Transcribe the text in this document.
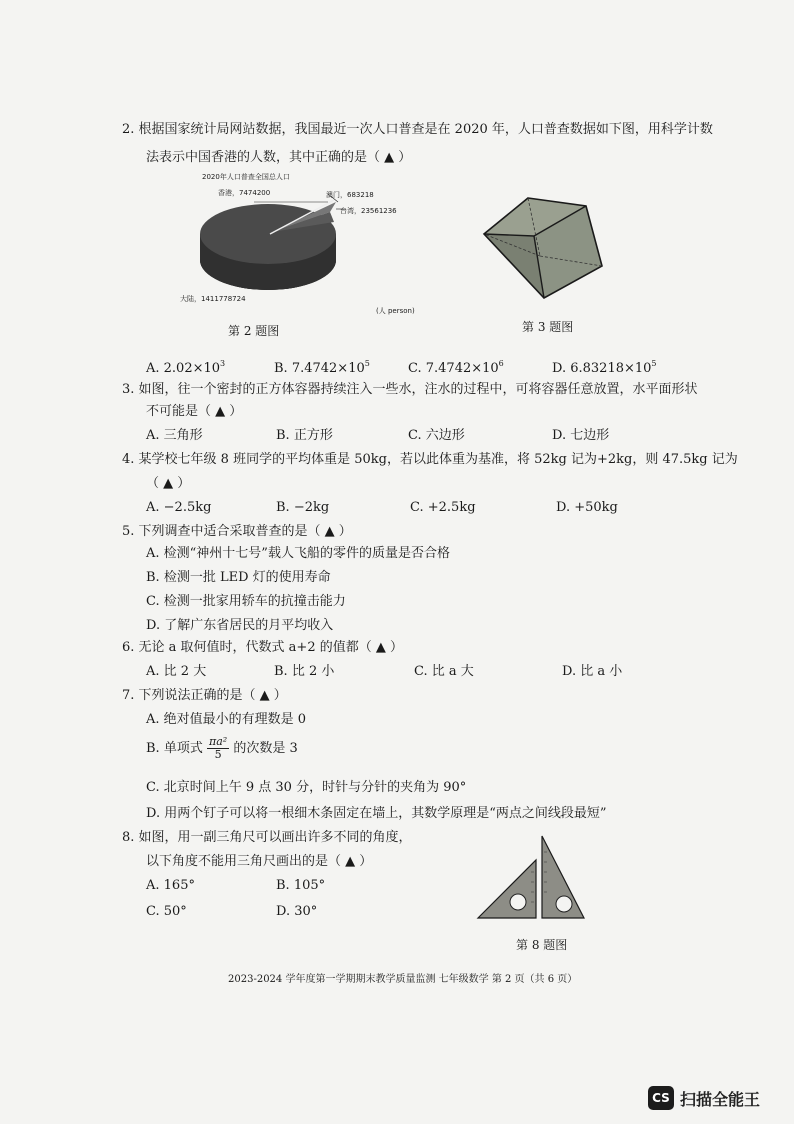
2. 根据国家统计局网站数据，我国最近一次人口普查是在 2020 年，人口普查数据如下图，用科学计数
法表示中国香港的人数，其中正确的是（ ▲ ）
2020年人口普查全国总人口
香港，7474200	澳门，683218
台湾，23561236
大陆，1411778724
(人 person)
第 2 题图	第 3 题图
A. $2.02\times 10^3$	B. $7.4742\times 10^5$	C. $7.4742\times 10^6$	D. $6.83218\times 10^5$
3. 如图，往一个密封的正方体容器持续注入一些水，注水的过程中，可将容器任意放置，水平面形状
不可能是（ ▲ ）
A. 三角形	B. 正方形	C. 六边形	D. 七边形
4. 某学校七年级 8 班同学的平均体重是 50kg，若以此体重为基准，将 52kg 记为+2kg，则 47.5kg 记为
（ ▲ ）
A. −2.5kg	B. −2kg	C. +2.5kg	D. +50kg
5. 下列调查中适合采取普查的是（ ▲ ）
A. 检测“神州十七号”载人飞船的零件的质量是否合格
B. 检测一批 LED 灯的使用寿命
C. 检测一批家用轿车的抗撞击能力
D. 了解广东省居民的月平均收入
6. 无论 a 取何值时，代数式 a+2 的值都（ ▲ ）
A. 比 2 大	B. 比 2 小	C. 比 a 大	D. 比 a 小
7. 下列说法正确的是（ ▲ ）
A. 绝对值最小的有理数是 0
B. 单项式 $\frac{\text{πa²}}{5}$ 的次数是 3
C. 北京时间上午 9 点 30 分，时针与分针的夹角为 90°
D. 用两个钉子可以将一根细木条固定在墙上，其数学原理是“两点之间线段最短”
8. 如图，用一副三角尺可以画出许多不同的角度，
以下角度不能用三角尺画出的是（ ▲ ）
A. 165°	B. 105°
C. 50°	D. 30°
第 8 题图
2023-2024 学年度第一学期期末教学质量监测 七年级数学 第 2 页（共 6 页）
CS 扫描全能王
